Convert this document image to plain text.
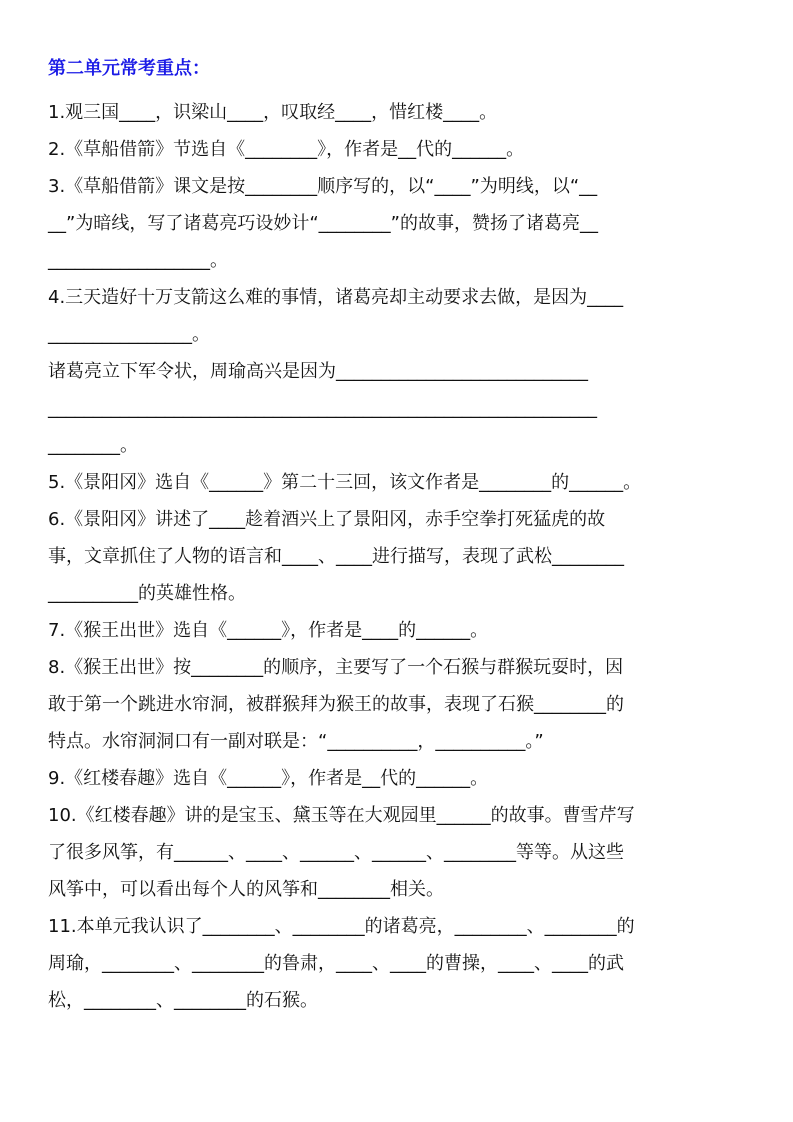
第二单元常考重点：
1.观三国____，识梁山____，叹取经____，惜红楼____。
2.《草船借箭》节选自《________》，作者是__代的______。
3.《草船借箭》课文是按________顺序写的，以“____”为明线，以“__
__”为暗线，写了诸葛亮巧设妙计“________”的故事，赞扬了诸葛亮__
__________________。
4.三天造好十万支箭这么难的事情，诸葛亮却主动要求去做，是因为____
________________。
诸葛亮立下军令状，周瑜高兴是因为____________________________
_____________________________________________________________
________。
5.《景阳冈》选自《______》第二十三回，该文作者是________的______。
6.《景阳冈》讲述了____趁着酒兴上了景阳冈，赤手空拳打死猛虎的故
事，文章抓住了人物的语言和____、____进行描写，表现了武松________
__________的英雄性格。
7.《猴王出世》选自《______》，作者是____的______。
8.《猴王出世》按________的顺序，主要写了一个石猴与群猴玩耍时，因
敢于第一个跳进水帘洞，被群猴拜为猴王的故事，表现了石猴________的
特点。水帘洞洞口有一副对联是：“__________，__________。”
9.《红楼春趣》选自《______》，作者是__代的______。
10.《红楼春趣》讲的是宝玉、黛玉等在大观园里______的故事。曹雪芹写
了很多风筝，有______、____、______、______、________等等。从这些
风筝中，可以看出每个人的风筝和________相关。
11.本单元我认识了________、________的诸葛亮，________、________的
周瑜，________、________的鲁肃，____、____的曹操，____、____的武
松，________、________的石猴。
